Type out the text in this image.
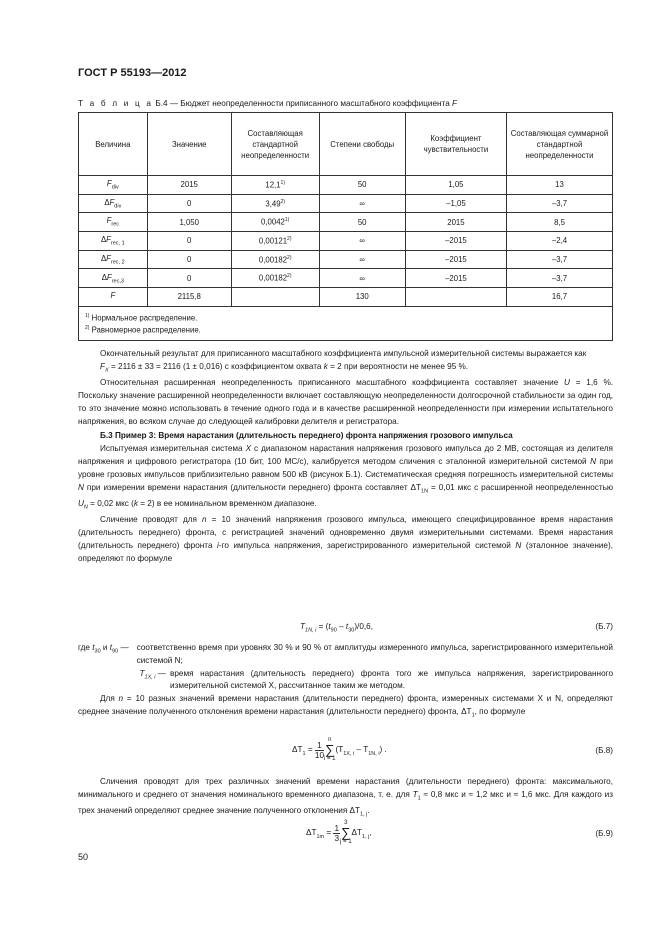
ГОСТ Р 55193—2012
Т а б л и ц а Б.4 — Бюджет неопределенности приписанного масштабного коэффициента F
Величина	Значение	Составляющая стандартной неопределенности	Степени свободы	Коэффициент чувствительности	Составляющая суммарной стандартной неопределенности
$F_{div}$	2015	12,1$^{1)}$	50	1,05	13
$\Delta F_{div}$	0	3,49$^{2)}$	∞	–1,05	–3,7
$F_{rec}$	1,050	0,0042$^{1)}$	50	2015	8,5
$\Delta F_{rec, 1}$	0	0,00121$^{2)}$	∞	–2015	–2,4
$\Delta F_{rec, 2}$	0	0,00182$^{2)}$	∞	–2015	–3,7
$\Delta F_{rec,3}$	0	0,00182$^{2)}$	∞	–2015	–3,7
F	2115,8		130		16,7

$^{1)}$ Нормальное распределение.
$^{2)}$ Равномерное распределение.					

Окончательный результат для приписанного масштабного коэффициента импульсной измерительной системы выражается как

$F_X = 2116 \pm 33 = 2116$ (1 ± 0,016) с коэффициентом охвата k = 2 при вероятности не менее 95 %.

Относительная расширенная неопределенность приписанного масштабного коэффициента составляет значение U = 1,6 %. Поскольку значение расширенной неопределенности включает составляющую неопределенности долгосрочной стабильности за один год, то это значение можно использовать в течение одного года и в качестве расширенной неопределенности при измерении испытательного напряжения, во всяком случае до следующей калибровки делителя и регистратора.

Б.3 Пример 3: Время нарастания (длительность переднего) фронта напряжения грозового импульса

Испытуемая измерительная система X с диапазоном нарастания напряжения грозового импульса до 2 MB, состоящая из делителя напряжения и цифрового регистратора (10 бит, 100 МС/с), калибруется методом сличения с эталонной измерительной системой N при уровне грозовых импульсов приблизительно равном 500 кВ (рисунок Б.1). Систематическая средняя погрешность измерительной системы N при измерении времени нарастания (длительности переднего) фронта составляет $\Delta T_{1N} = 0,01$ мкс с расширенной неопределенностью $U_N = 0,02$ мкс (k = 2) в ее номинальном временном диапазоне.

Сличение проводят для n = 10 значений напряжения грозового импульса, имеющего специфицированное время нарастания (длительность переднего) фронта, с регистрацией значений одновременно двумя измерительными системами. Время нарастания (длительность переднего) фронта i-го импульса напряжения, зарегистрированного измерительной системой N (эталонное значение), определяют по формуле

$T_{1N, i} = (t_{90} - t_{30})/0,6$,	(Б.7)
где $t_{30}$ и $t_{90}$ — соответственно время при уровнях 30 % и 90 % от амплитуды измеренного импульса, зарегистрированного измерительной системой N;
$T_{1X, i}$ — время нарастания (длительность переднего) фронта того же импульса напряжения, зарегистрированного измерительной системой X, рассчитанное таким же методом.

Для n = 10 разных значений времени нарастания (длительности переднего) фронта, измеренных системами X и N, определяют среднее значение полученного отклонения времени нарастания (длительности переднего) фронта, $\Delta T_1$, по формуле

$\Delta T_1 = \frac{1}{10}$
n
∑
i = 1
$(T_{1X, i} - T_{1N, i})$ .	(Б.8)

Сличения проводят для трех различных значений времени нарастания (длительности переднего) фронта: максимального, минимального и среднего от значения номинального временного диапазона, т. е. для $T_1 \approx 0,8$ мкс и ≈ 1,2 мкс и ≈ 1,6 мкс. Для каждого из трех значений определяют среднее значение полученного отклонения $\Delta T_{1, j}$.

$\Delta T_{1m} = \frac{1}{3}$
3
∑
j = 1
$\Delta T_{1, j}$,	(Б.9)
50
